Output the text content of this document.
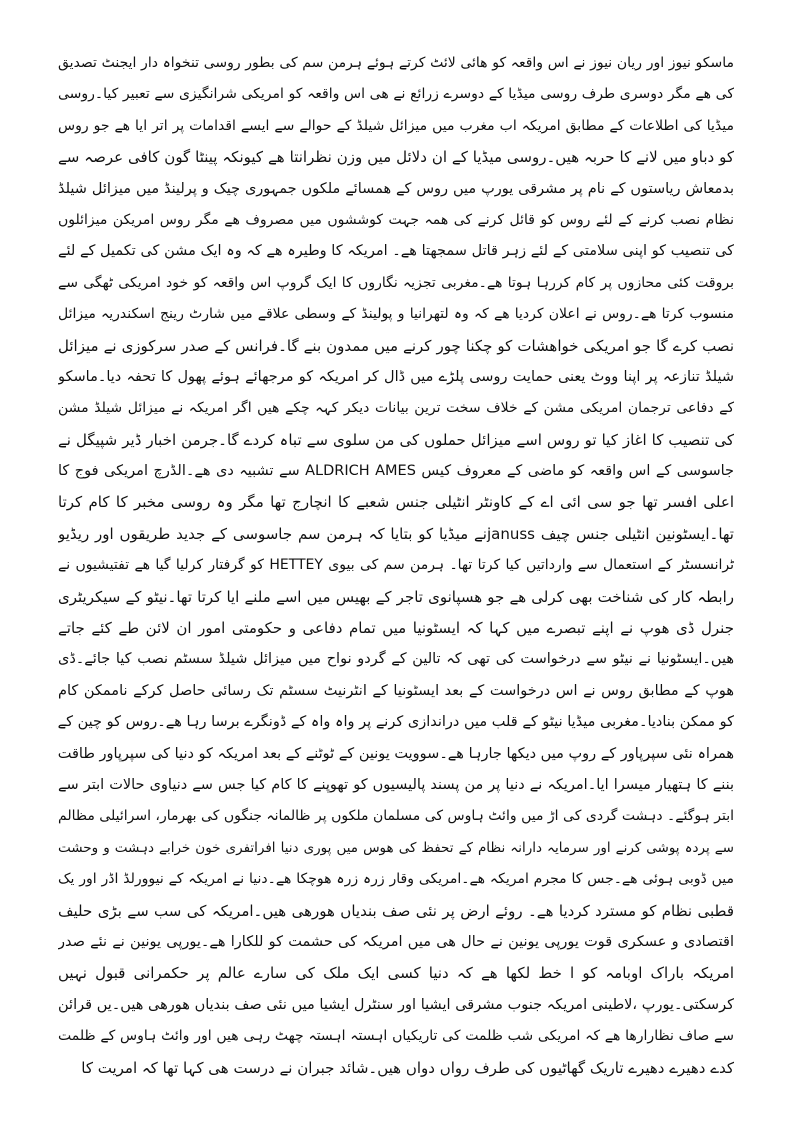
ماسکو نیوز اور ریان نیوز نے اس واقعہ کو ھائی لائٹ کرتے ہوئے ہرمن سم کی بطور روسی تنخواہ دار ایجنٹ تصدیق
کی ھے مگر دوسری طرف روسی میڈیا کے دوسرے زرائع نے ھی اس واقعہ کو امریکی شرانگیزی سے تعبیر کیا۔روسی
میڈیا کی اطلاعات کے مطابق امریکہ اب مغرب میں میزائل شیلڈ کے حوالے سے ایسے اقدامات پر اتر ایا ھے جو روس
کو دباو میں لانے کا حربہ ھیں۔روسی میڈیا کے ان دلائل میں وزن نظرانتا ھے کیونکہ پینٹا گون کافی عرصہ سے
بدمعاش ریاستوں کے نام پر مشرقی یورپ میں روس کے ھمسائے ملکوں جمہوری چیک و پرلینڈ میں میزائل شیلڈ
نظام نصب کرنے کے لئے روس کو قائل کرنے کی ھمہ جہت کوششوں میں مصروف ھے مگر روس امریکن میزائلوں
کی تنصیب کو اپنی سلامتی کے لئے زہر قاتل سمجھتا ھے۔ امریکہ کا وطیرہ ھے کہ وہ ایک مشن کی تکمیل کے لئے
بروقت کئی محازوں پر کام کررہا ہوتا ھے۔مغربی تجزیہ نگاروں کا ایک گروپ اس واقعہ کو خود امریکی ٹھگی سے
منسوب کرتا ھے۔روس نے اعلان کردیا ھے کہ وہ لتھرانیا و پولینڈ کے وسطی علاقے میں شارٹ رینج اسکندریہ میزائل
نصب کرے گا جو امریکی خواھشات کو چکنا چور کرنے میں ممدون بنے گا۔فرانس کے صدر سرکوزی نے میزائل
شیلڈ تنازعہ پر اپنا ووٹ یعنی حمایت روسی پلڑے میں ڈال کر امریکہ کو مرجھائے ہوئے پھول کا تحفہ دیا۔ماسکو
کے دفاعی ترجمان امریکی مشن کے خلاف سخت ترین بیانات دیکر کہہ چکے ھیں اگر امریکہ نے میزائل شیلڈ مشن
کی تنصیب کا اغاز کیا تو روس اسے میزائل حملوں کی من سلوی سے تباہ کردے گا۔جرمن اخبار ڈیر شپیگل نے
جاسوسی کے اس واقعہ کو ماضی کے معروف کیس ALDRICH AMES سے تشبیہ دی ھے۔الڈرچ امریکی فوج کا
اعلی افسر تھا جو سی ائی اے کے کاونٹر انٹیلی جنس شعبے کا انچارج تھا مگر وہ روسی مخبر کا کام کرتا
تھا۔ایسٹونین انٹیلی جنس چیف janussنے میڈیا کو بتایا کہ ہرمن سم جاسوسی کے جدید طریقوں اور ریڈیو
ٹرانسسٹر کے استعمال سے وارداتیں کیا کرتا تھا۔ ہرمن سم کی بیوی HETTEY کو گرفتار کرلیا گیا ھے تفتیشیوں نے
رابطہ کار کی شناخت بھی کرلی ھے جو ھسپانوی تاجر کے بھیس میں اسے ملنے ایا کرتا تھا۔نیٹو کے سیکریٹری
جنرل ڈی ھوپ نے اپنے تبصرے میں کہا کہ ایسٹونیا میں تمام دفاعی و حکومتی امور ان لائن طے کئے جاتے
ھیں۔ایسٹونیا نے نیٹو سے درخواست کی تھی کہ تالین کے گردو نواح میں میزائل شیلڈ سسٹم نصب کیا جائے۔ڈی
ھوپ کے مطابق روس نے اس درخواست کے بعد ایسٹونیا کے انٹرنیٹ سسٹم تک رسائی حاصل کرکے ناممکن کام
کو ممکن بنادیا۔مغربی میڈیا نیٹو کے قلب میں دراندازی کرنے پر واہ واہ کے ڈونگرے برسا رہا ھے۔روس کو چین کے
ھمراہ نئی سپرپاور کے روپ میں دیکھا جارہا ھے۔سوویت یونین کے ٹوٹنے کے بعد امریکہ کو دنیا کی سپرپاور طاقت
بننے کا ہتھیار میسرا ایا۔امریکہ نے دنیا پر من پسند پالیسیوں کو تھوپنے کا کام کیا جس سے دنیاوی حالات ابتر سے
ابتر ہوگئے۔ دہشت گردی کی اڑ میں وائٹ ہاوس کی مسلمان ملکوں پر ظالمانہ جنگوں کی بھرمار، اسرائیلی مظالم
سے پردہ پوشی کرنے اور سرمایہ دارانہ نظام کے تحفظ کی ھوس میں پوری دنیا افراتفری خون خرابے دہشت و وحشت
میں ڈوبی ہوئی ھے۔جس کا مجرم امریکہ ھے۔امریکی وقار زرہ زرہ ھوچکا ھے۔دنیا نے امریکہ کے نیوورلڈ اڈر اور یک
قطبی نظام کو مسترد کردیا ھے۔ روئے ارض پر نئی صف بندیاں ھورھی ھیں۔امریکہ کی سب سے بڑی حلیف
اقتصادی و عسکری قوت یورپی یونین نے حال ھی میں امریکہ کی حشمت کو للکارا ھے۔یورپی یونین نے نئے صدر
امریکہ باراک اوبامہ کو ا خط لکھا ھے کہ دنیا کسی ایک ملک کی سارے عالم پر حکمرانی قبول نہیں
کرسکتی۔یورپ ،لاطینی امریکہ جنوب مشرقی ایشیا اور سنٹرل ایشیا میں نئی صف بندیاں ھورھی ھیں۔یں قرائن
سے صاف نظارارھا ھے کہ امریکی شب ظلمت کی تاریکیاں اہستہ اہستہ چھٹ رہی ھیں اور وائٹ ہاوس کے ظلمت
کدے دھیرے دھیرے تاریک گھاٹیوں کی طرف رواں دواں ھیں۔شائد جبران نے درست ھی کہا تھا کہ امریت کا
